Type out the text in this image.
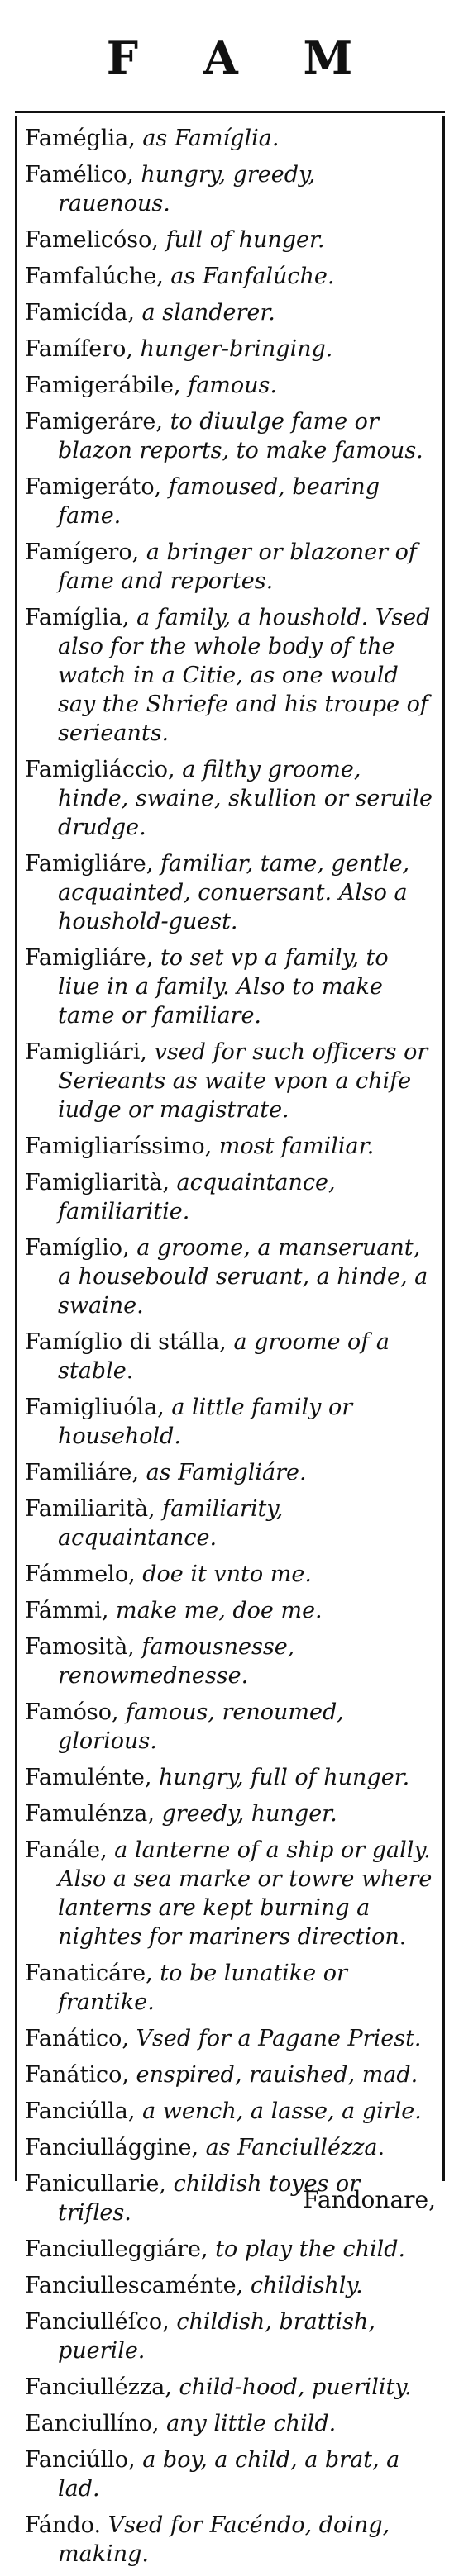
F A M
Faméglia, as Famíglia.
Famélico, hungry, greedy, rauenous.
Famelicóso, full of hunger.
Famfalúche, as Fanfalúche.
Famicída, a slanderer.
Famífero, hunger-bringing.
Famigerábile, famous.
Famigeráre, to diuulge fame or blazon reports, to make famous.
Famigeráto, famoused, bearing fame.
Famígero, a bringer or blazoner of fame and reportes.
Famíglia, a family, a houshold. Vsed also for the whole body of the watch in a Citie, as one would say the Shriefe and his troupe of serieants.
Famigliáccio, a filthy groome, hinde, swaine, skullion or seruile drudge.
Famigliáre, familiar, tame, gentle, acquainted, conuersant. Also a houshold-guest.
Famigliáre, to set vp a family, to liue in a family. Also to make tame or familiare.
Famigliári, vsed for such officers or Serieants as waite vpon a chife iudge or magistrate.
Famigliaríssimo, most familiar.
Famigliarità, acquaintance, familiaritie.
Famíglio, a groome, a manseruant, a housebould seruant, a hinde, a swaine.
Famíglio di stálla, a groome of a stable.
Famigliuóla, a little family or household.
Familiáre, as Famigliáre.
Familiarità, familiarity, acquaintance.
Fámmelo, doe it vnto me.
Fámmi, make me, doe me.
Famosità, famousnesse, renowmednesse.
Famóso, famous, renoumed, glorious.
Famulénte, hungry, full of hunger.
Famulénza, greedy, hunger.
Fanále, a lanterne of a ship or gally. Also a sea marke or towre where lanterns are kept burning a nightes for mariners direction.
Fanaticáre, to be lunatike or frantike.
Fanático, Vsed for a Pagane Priest.
Fanático, enspired, rauished, mad.
Fanciúlla, a wench, a lasse, a girle.
Fanciullággine, as Fanciullézza.
Fanicullarie, childish toyes or trifles.
Fanciulleggiáre, to play the child.
Fanciullescaménte, childishly.
Fanciulléſco, childish, brattish, puerile.
Fanciullézza, child-hood, puerility.
Eanciullíno, any little child.
Fanciúllo, a boy, a child, a brat, a lad.
Fándo. Vsed for Facéndo, doing, making.
Fandonare,
